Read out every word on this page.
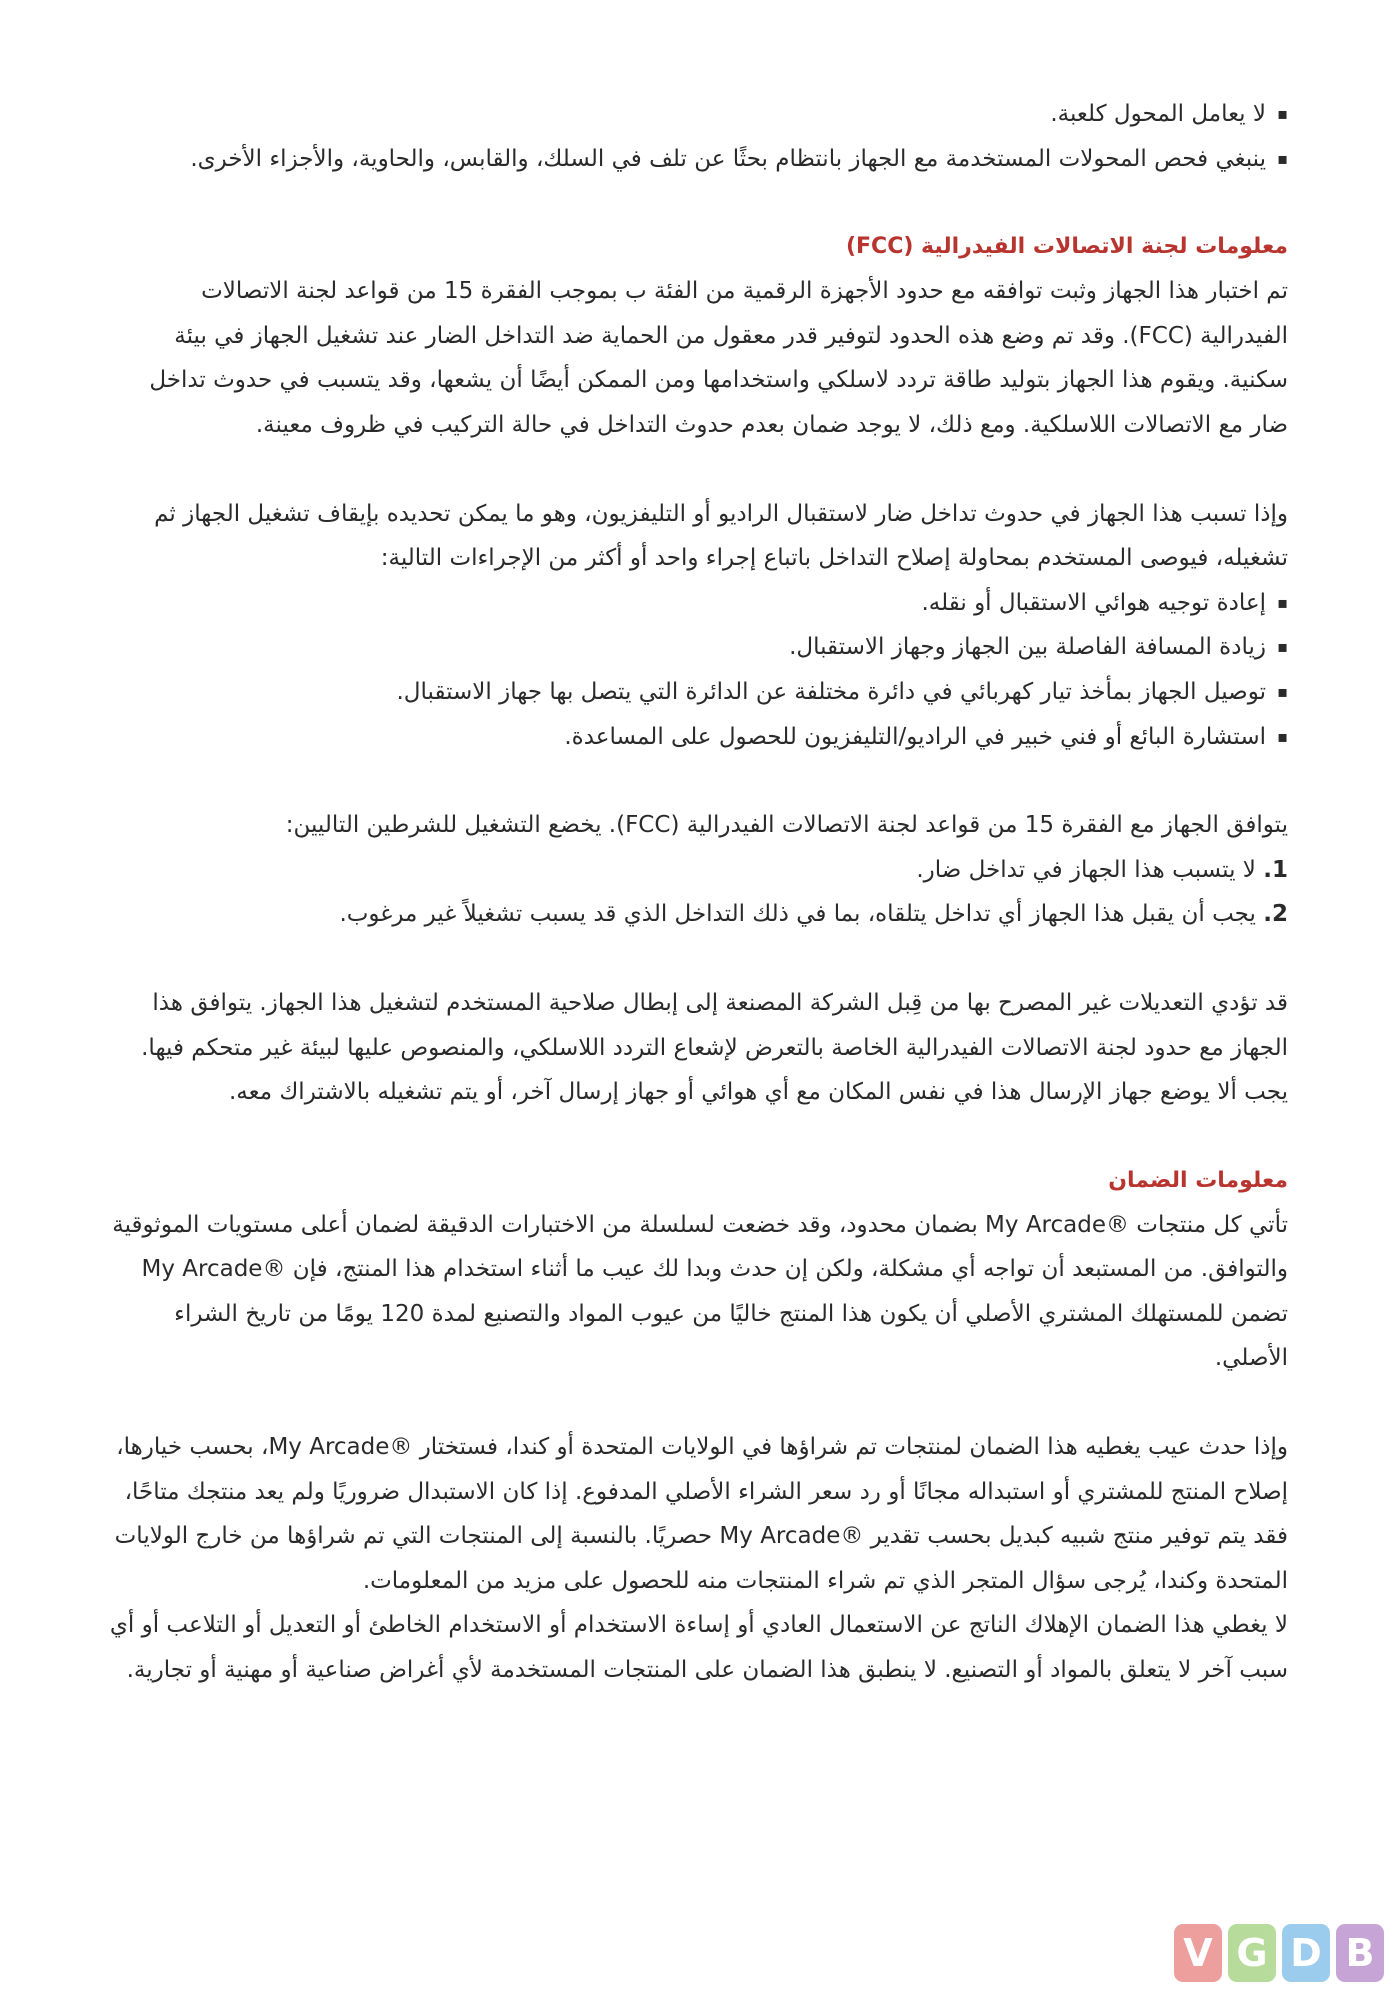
▪ لا يعامل المحول كلعبة.
▪ ينبغي فحص المحولات المستخدمة مع الجهاز بانتظام بحثًا عن تلف في السلك، والقابس، والحاوية، والأجزاء الأخرى.
معلومات لجنة الاتصالات الفيدرالية (FCC)

تم اختبار هذا الجهاز وثبت توافقه مع حدود الأجهزة الرقمية من الفئة ب بموجب الفقرة 15 من قواعد لجنة الاتصالات الفيدرالية (FCC). وقد تم وضع هذه الحدود لتوفير قدر معقول من الحماية ضد التداخل الضار عند تشغيل الجهاز في بيئة سكنية. ويقوم هذا الجهاز بتوليد طاقة تردد لاسلكي واستخدامها ومن الممكن أيضًا أن يشعها، وقد يتسبب في حدوث تداخل ضار مع الاتصالات اللاسلكية. ومع ذلك، لا يوجد ضمان بعدم حدوث التداخل في حالة التركيب في ظروف معينة.

وإذا تسبب هذا الجهاز في حدوث تداخل ضار لاستقبال الراديو أو التليفزيون، وهو ما يمكن تحديده بإيقاف تشغيل الجهاز ثم تشغيله، فيوصى المستخدم بمحاولة إصلاح التداخل باتباع إجراء واحد أو أكثر من الإجراءات التالية:

▪ إعادة توجيه هوائي الاستقبال أو نقله.
▪ زيادة المسافة الفاصلة بين الجهاز وجهاز الاستقبال.
▪ توصيل الجهاز بمأخذ تيار كهربائي في دائرة مختلفة عن الدائرة التي يتصل بها جهاز الاستقبال.
▪ استشارة البائع أو فني خبير في الراديو/التليفزيون للحصول على المساعدة.

يتوافق الجهاز مع الفقرة 15 من قواعد لجنة الاتصالات الفيدرالية (FCC). يخضع التشغيل للشرطين التاليين:

1. لا يتسبب هذا الجهاز في تداخل ضار.
2. يجب أن يقبل هذا الجهاز أي تداخل يتلقاه، بما في ذلك التداخل الذي قد يسبب تشغيلاً غير مرغوب.

قد تؤدي التعديلات غير المصرح بها من قِبل الشركة المصنعة إلى إبطال صلاحية المستخدم لتشغيل هذا الجهاز. يتوافق هذا الجهاز مع حدود لجنة الاتصالات الفيدرالية الخاصة بالتعرض لإشعاع التردد اللاسلكي، والمنصوص عليها لبيئة غير متحكم فيها. يجب ألا يوضع جهاز الإرسال هذا في نفس المكان مع أي هوائي أو جهاز إرسال آخر، أو يتم تشغيله بالاشتراك معه.

معلومات الضمان

تأتي كل منتجات My Arcade® بضمان محدود، وقد خضعت لسلسلة من الاختبارات الدقيقة لضمان أعلى مستويات الموثوقية والتوافق. من المستبعد أن تواجه أي مشكلة، ولكن إن حدث وبدا لك عيب ما أثناء استخدام هذا المنتج، فإن My Arcade® تضمن للمستهلك المشتري الأصلي أن يكون هذا المنتج خاليًا من عيوب المواد والتصنيع لمدة 120 يومًا من تاريخ الشراء الأصلي.

وإذا حدث عيب يغطيه هذا الضمان لمنتجات تم شراؤها في الولايات المتحدة أو كندا، فستختار My Arcade®، بحسب خيارها، إصلاح المنتج للمشتري أو استبداله مجانًا أو رد سعر الشراء الأصلي المدفوع. إذا كان الاستبدال ضروريًا ولم يعد منتجك متاحًا، فقد يتم توفير منتج شبيه كبديل بحسب تقدير My Arcade® حصريًا. بالنسبة إلى المنتجات التي تم شراؤها من خارج الولايات المتحدة وكندا، يُرجى سؤال المتجر الذي تم شراء المنتجات منه للحصول على مزيد من المعلومات.

لا يغطي هذا الضمان الإهلاك الناتج عن الاستعمال العادي أو إساءة الاستخدام أو الاستخدام الخاطئ أو التعديل أو التلاعب أو أي سبب آخر لا يتعلق بالمواد أو التصنيع. لا ينطبق هذا الضمان على المنتجات المستخدمة لأي أغراض صناعية أو مهنية أو تجارية.

V G D B
